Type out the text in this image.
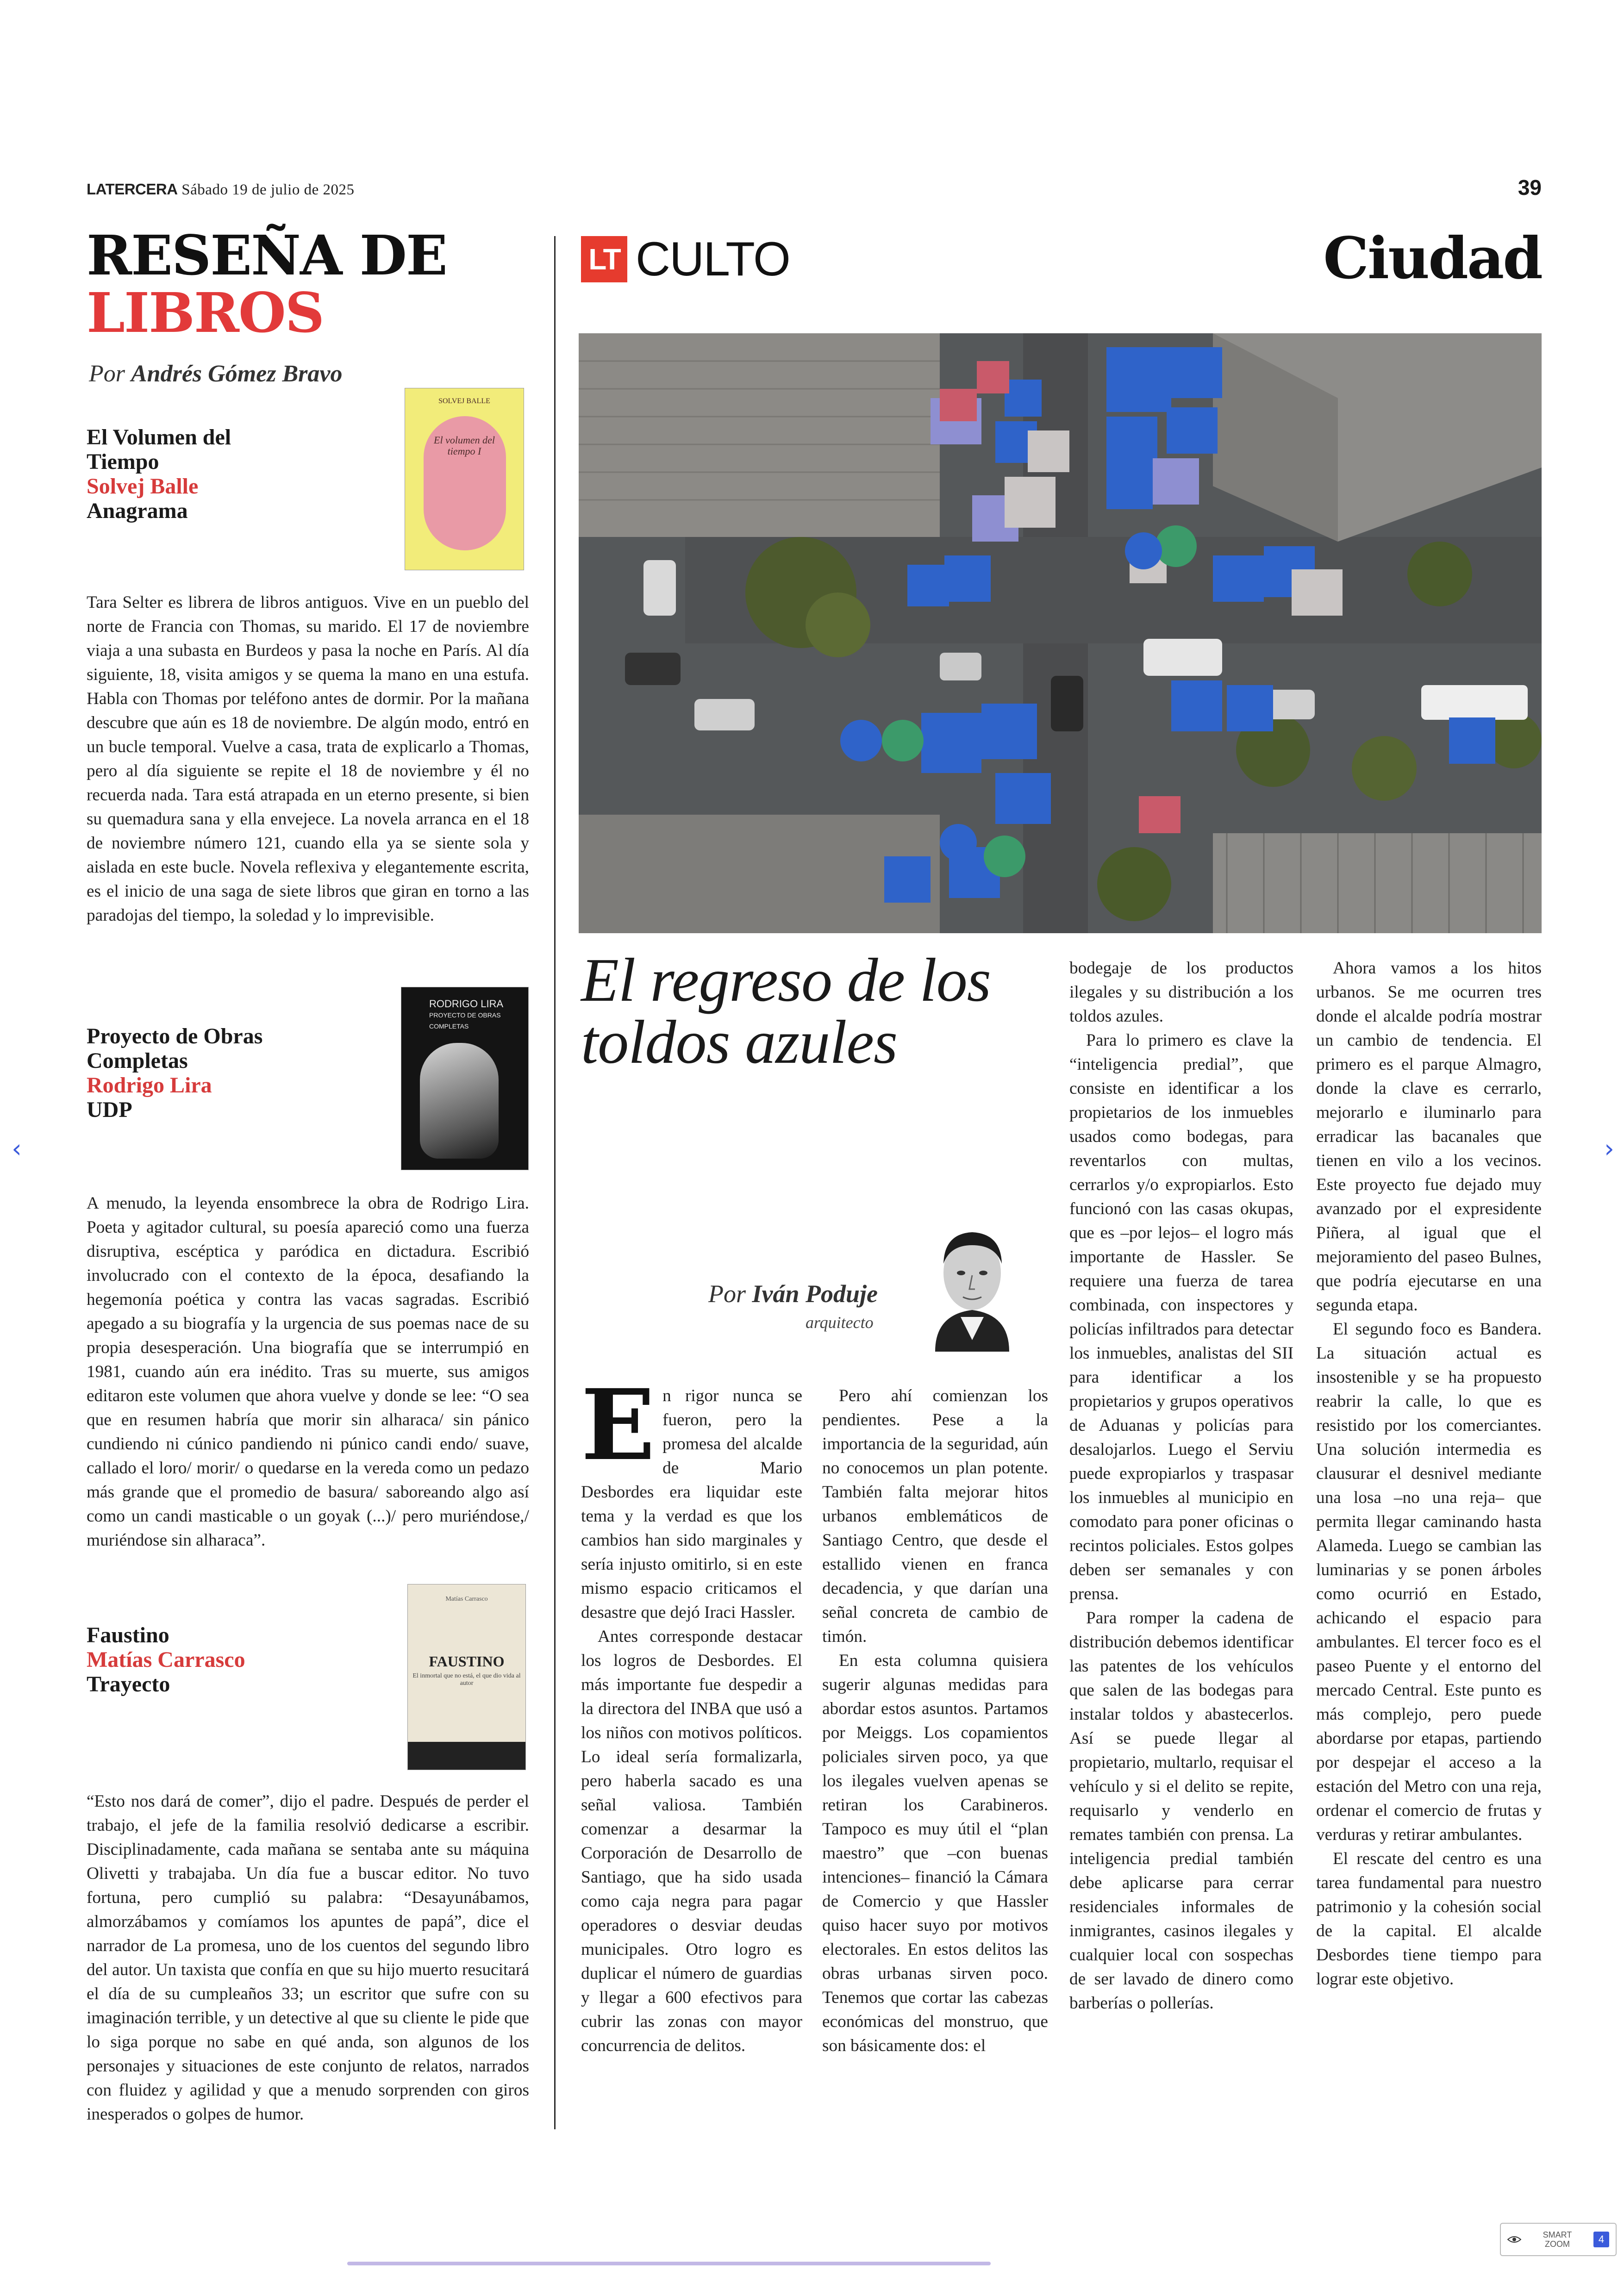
LATERCERA Sábado 19 de julio de 2025	39
RESEÑA DE
LIBROS
Por Andrés Gómez Bravo
El Volumen del
Tiempo
Solvej Balle
Anagrama
SOLVEJ BALLE
El volumen del tiempo I

Tara Selter es librera de libros antiguos. Vive en un pueblo del norte de Francia con Thomas, su marido. El 17 de noviembre viaja a una subasta en Burdeos y pasa la noche en París. Al día siguiente, 18, visita amigos y se quema la mano en una estufa. Habla con Thomas por teléfono antes de dormir. Por la mañana descubre que aún es 18 de noviembre. De algún modo, entró en un bucle temporal. Vuelve a casa, trata de explicarlo a Thomas, pero al día siguiente se repite el 18 de noviembre y él no recuerda nada. Tara está atrapada en un eterno presente, si bien su quemadura sana y ella envejece. La novela arranca en el 18 de noviembre número 121, cuando ella ya se siente sola y aislada en este bucle. Novela reflexiva y elegantemente escrita, es el inicio de una saga de siete libros que giran en torno a las paradojas del tiempo, la soledad y lo imprevisible.

Proyecto de Obras
Completas
Rodrigo Lira
UDP
RODRIGO LIRA
PROYECTO DE OBRAS COMPLETAS

A menudo, la leyenda ensombrece la obra de Rodrigo Lira. Poeta y agitador cultural, su poesía apareció como una fuerza disruptiva, escéptica y paródica en dictadura. Escribió involucrado con el contexto de la época, desafiando la hegemonía poética y contra las vacas sagradas. Escribió apegado a su biografía y la urgencia de sus poemas nace de su propia desesperación. Una biografía que se interrumpió en 1981, cuando aún era inédito. Tras su muerte, sus amigos editaron este volumen que ahora vuelve y donde se lee: “O sea que en resumen habría que morir sin alharaca/ sin pánico cundiendo ni cúnico pandiendo ni púnico candi endo/ suave, callado el loro/ morir/ o quedarse en la vereda como un pedazo más grande que el promedio de basura/ saboreando algo así como un candi masticable o un goyak (...)/ pero muriéndose,/ muriéndose sin alharaca”.

Faustino
Matías Carrasco
Trayecto
Matías Carrasco
FAUSTINO
El inmortal que no está, el que dio vida al autor

“Esto nos dará de comer”, dijo el padre. Después de perder el trabajo, el jefe de la familia resolvió dedicarse a escribir. Disciplinadamente, cada mañana se sentaba ante su máquina Olivetti y trabajaba. Un día fue a buscar editor. No tuvo fortuna, pero cumplió su palabra: “Desayunábamos, almorzábamos y comíamos los apuntes de papá”, dice el narrador de La promesa, uno de los cuentos del segundo libro del autor. Un taxista que confía en que su hijo muerto resucitará el día de su cumpleaños 33; un escritor que sufre con su imaginación terrible, y un detective al que su cliente le pide que lo siga porque no sabe en qué anda, son algunos de los personajes y situaciones de este conjunto de relatos, narrados con fluidez y agilidad y que a menudo sorprenden con giros inesperados o golpes de humor.

LT CULTO	Ciudad
El regreso de los toldos azules
Por Iván Poduje
arquitecto

En rigor nunca se fueron, pero la promesa del alcalde de Mario Desbordes era liquidar este tema y la verdad es que los cambios han sido marginales y sería injusto omitirlo, si en este mismo espacio criticamos el desastre que dejó Iraci Hassler.

Antes corresponde destacar los logros de Desbordes. El más importante fue despedir a la directora del INBA que usó a los niños con motivos políticos. Lo ideal sería formalizarla, pero haberla sacado es una señal valiosa. También comenzar a desarmar la Corporación de Desarrollo de Santiago, que ha sido usada como caja negra para pagar operadores o desviar deudas municipales. Otro logro es duplicar el número de guardias y llegar a 600 efectivos para cubrir las zonas con mayor concurrencia de delitos.

Pero ahí comienzan los pendientes. Pese a la importancia de la seguridad, aún no conocemos un plan potente. También falta mejorar hitos urbanos emblemáticos de Santiago Centro, que desde el estallido vienen en franca decadencia, y que darían una señal concreta de cambio de timón.

En esta columna quisiera sugerir algunas medidas para abordar estos asuntos. Partamos por Meiggs. Los copamientos policiales sirven poco, ya que los ilegales vuelven apenas se retiran los Carabineros. Tampoco es muy útil el “plan maestro” que –con buenas intenciones– financió la Cámara de Comercio y que Hassler quiso hacer suyo por motivos electorales. En estos delitos las obras urbanas sirven poco. Tenemos que cortar las cabezas económicas del monstruo, que son básicamente dos: el

bodegaje de los productos ilegales y su distribución a los toldos azules.

Para lo primero es clave la “inteligencia predial”, que consiste en identificar a los propietarios de los inmuebles usados como bodegas, para reventarlos con multas, cerrarlos y/o expropiarlos. Esto funcionó con las casas okupas, que es –por lejos– el logro más importante de Hassler. Se requiere una fuerza de tarea combinada, con inspectores y policías infiltrados para detectar los inmuebles, analistas del SII para identificar a los propietarios y grupos operativos de Aduanas y policías para desalojarlos. Luego el Serviu puede expropiarlos y traspasar los inmuebles al municipio en comodato para poner oficinas o recintos policiales. Estos golpes deben ser semanales y con prensa.

Para romper la cadena de distribución debemos identificar las patentes de los vehículos que salen de las bodegas para instalar toldos y abastecerlos. Así se puede llegar al propietario, multarlo, requisar el vehículo y si el delito se repite, requisarlo y venderlo en remates también con prensa. La inteligencia predial también debe aplicarse para cerrar residenciales informales de inmigrantes, casinos ilegales y cualquier local con sospechas de ser lavado de dinero como barberías o pollerías.

Ahora vamos a los hitos urbanos. Se me ocurren tres donde el alcalde podría mostrar un cambio de tendencia. El primero es el parque Almagro, donde la clave es cerrarlo, mejorarlo e iluminarlo para erradicar las bacanales que tienen en vilo a los vecinos. Este proyecto fue dejado muy avanzado por el expresidente Piñera, al igual que el mejoramiento del paseo Bulnes, que podría ejecutarse en una segunda etapa.

El segundo foco es Bandera. La situación actual es insostenible y se ha propuesto reabrir la calle, lo que es resistido por los comerciantes. Una solución intermedia es clausurar el desnivel mediante una losa –no una reja– que permita llegar caminando hasta Alameda. Luego se cambian las luminarias y se ponen árboles como ocurrió en Estado, achicando el espacio para ambulantes. El tercer foco es el paseo Puente y el entorno del mercado Central. Este punto es más complejo, pero puede abordarse por etapas, partiendo por despejar el acceso a la estación del Metro con una reja, ordenar el comercio de frutas y verduras y retirar ambulantes.

El rescate del centro es una tarea fundamental para nuestro patrimonio y la cohesión social de la capital. El alcalde Desbordes tiene tiempo para lograr este objetivo.

‹	›
SMART
ZOOM	4
